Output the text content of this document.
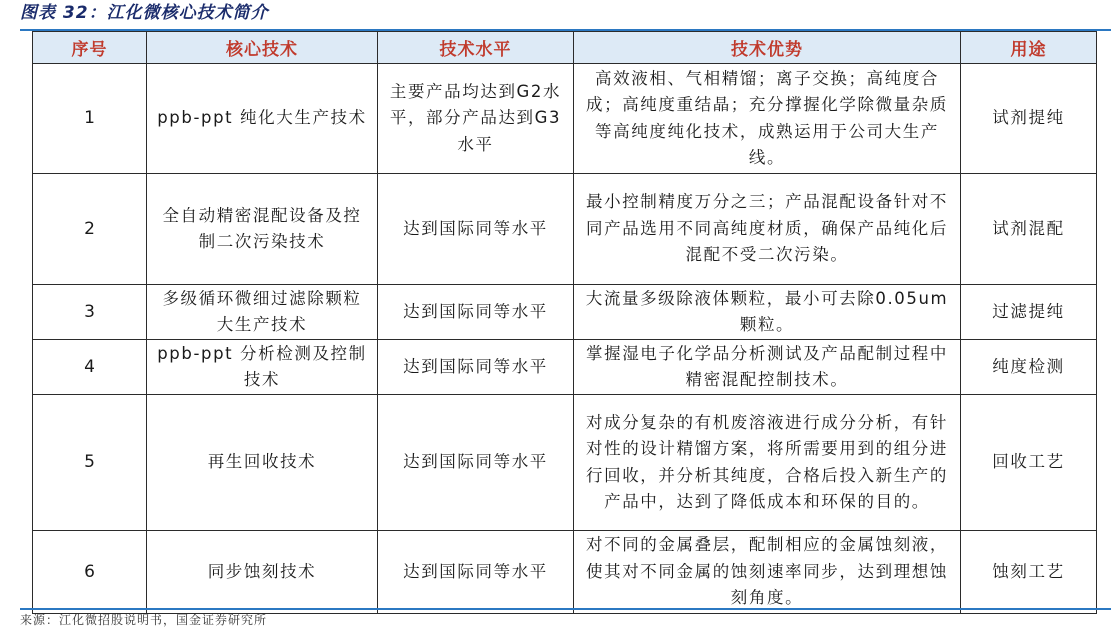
图表 32：江化微核心技术简介
序号	核心技术	技术水平	技术优势	用途
1	ppb-ppt 纯化大生产技术	主要产品均达到G2水平，部分产品达到G3 水平	高效液相、气相精馏；离子交换；高纯度合成；高纯度重结晶；充分撑握化学除微量杂质等高纯度纯化技术，成熟运用于公司大生产线。	试剂提纯
2	全自动精密混配设备及控制二次污染技术	达到国际同等水平	最小控制精度万分之三；产品混配设备针对不同产品选用不同高纯度材质，确保产品纯化后混配不受二次污染。	试剂混配
3	多级循环微细过滤除颗粒大生产技术	达到国际同等水平	大流量多级除液体颗粒，最小可去除0.05um 颗粒。	过滤提纯
4	ppb-ppt 分析检测及控制技术	达到国际同等水平	掌握湿电子化学品分析测试及产品配制过程中精密混配控制技术。	纯度检测
5	再生回收技术	达到国际同等水平	对成分复杂的有机废溶液进行成分分析，有针对性的设计精馏方案，将所需要用到的组分进行回收，并分析其纯度，合格后投入新生产的产品中，达到了降低成本和环保的目的。	回收工艺
6	同步蚀刻技术	达到国际同等水平	对不同的金属叠层，配制相应的金属蚀刻液，使其对不同金属的蚀刻速率同步，达到理想蚀刻角度。	蚀刻工艺
来源：江化微招股说明书，国金证券研究所
